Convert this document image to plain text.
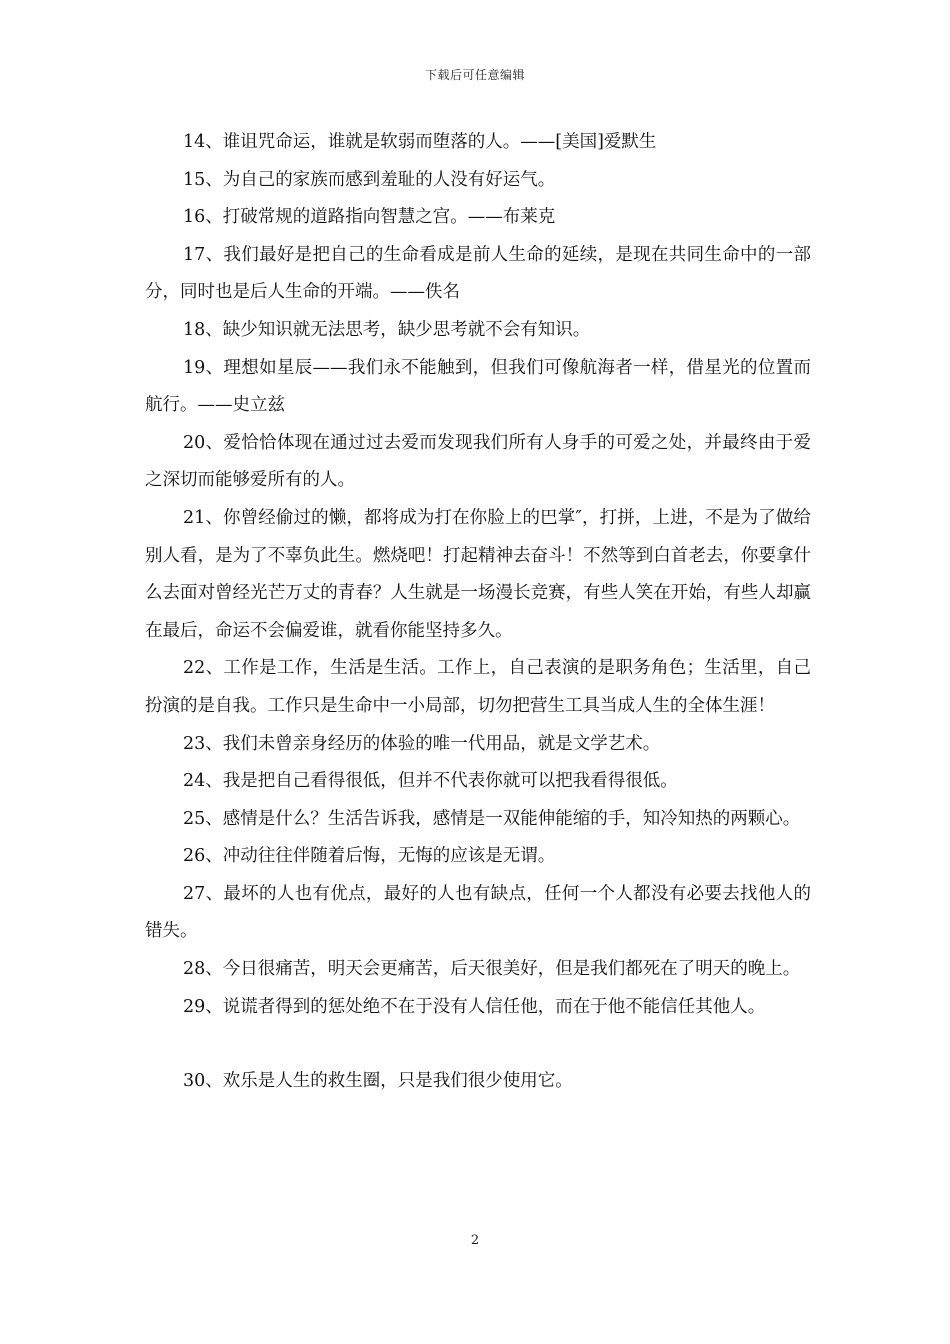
下载后可任意编辑

14、谁诅咒命运，谁就是软弱而堕落的人。——[美国]爱默生

15、为自己的家族而感到羞耻的人没有好运气。

16、打破常规的道路指向智慧之宫。——布莱克

17、我们最好是把自己的生命看成是前人生命的延续，是现在共同生命中的一部分，同时也是后人生命的开端。——佚名

18、缺少知识就无法思考，缺少思考就不会有知识。

19、理想如星辰——我们永不能触到，但我们可像航海者一样，借星光的位置而航行。——史立兹

20、爱恰恰体现在通过过去爱而发现我们所有人身手的可爱之处，并最终由于爱之深切而能够爱所有的人。

21、你曾经偷过的懒，都将成为打在你脸上的巴掌″，打拼，上进，不是为了做给别人看，是为了不辜负此生。燃烧吧！打起精神去奋斗！不然等到白首老去，你要拿什么去面对曾经光芒万丈的青春？人生就是一场漫长竞赛，有些人笑在开始，有些人却赢在最后，命运不会偏爱谁，就看你能坚持多久。

22、工作是工作，生活是生活。工作上，自己表演的是职务角色；生活里，自己扮演的是自我。工作只是生命中一小局部，切勿把营生工具当成人生的全体生涯！

23、我们未曾亲身经历的体验的唯一代用品，就是文学艺术。

24、我是把自己看得很低，但并不代表你就可以把我看得很低。

25、感情是什么？生活告诉我，感情是一双能伸能缩的手，知冷知热的两颗心。

26、冲动往往伴随着后悔，无悔的应该是无谓。

27、最坏的人也有优点，最好的人也有缺点，任何一个人都没有必要去找他人的错失。

28、今日很痛苦，明天会更痛苦，后天很美好，但是我们都死在了明天的晚上。

29、说谎者得到的惩处绝不在于没有人信任他，而在于他不能信任其他人。

30、欢乐是人生的救生圈，只是我们很少使用它。

2
